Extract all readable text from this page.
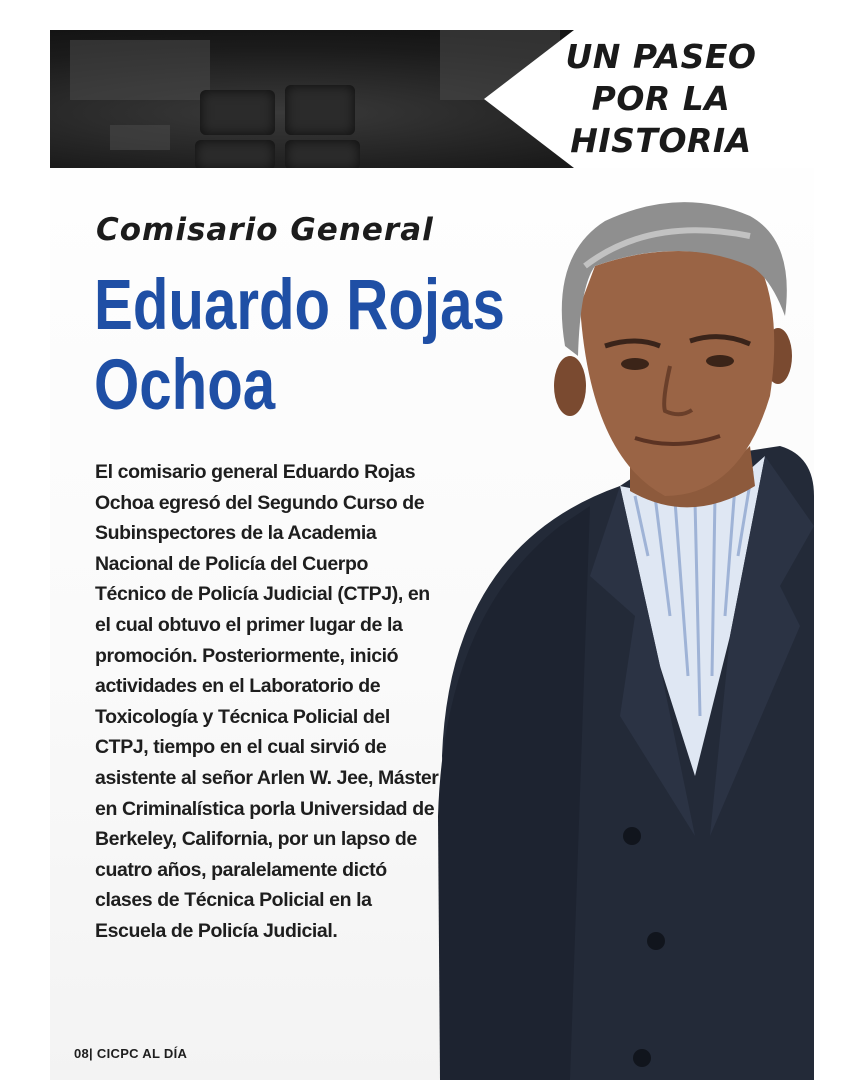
UN PASEO
POR LA
HISTORIA
Comisario General
Eduardo Rojas
Ochoa
El comisario general Eduardo Rojas Ochoa egresó del Segundo Curso de Subinspectores de la Academia Nacional de Policía del Cuerpo Técnico de Policía Judicial (CTPJ), en el cual obtuvo el primer lugar de la promoción. Posteriormente, inició actividades en el Laboratorio de Toxicología y Técnica Policial del CTPJ, tiempo en el cual sirvió de asistente al señor Arlen W. Jee, Máster en Criminalística porla Universidad de Berkeley, California, por un lapso de cuatro años, paralelamente dictó clases de Técnica Policial en la Escuela de Policía Judicial.
08| CICPC AL DÍA
